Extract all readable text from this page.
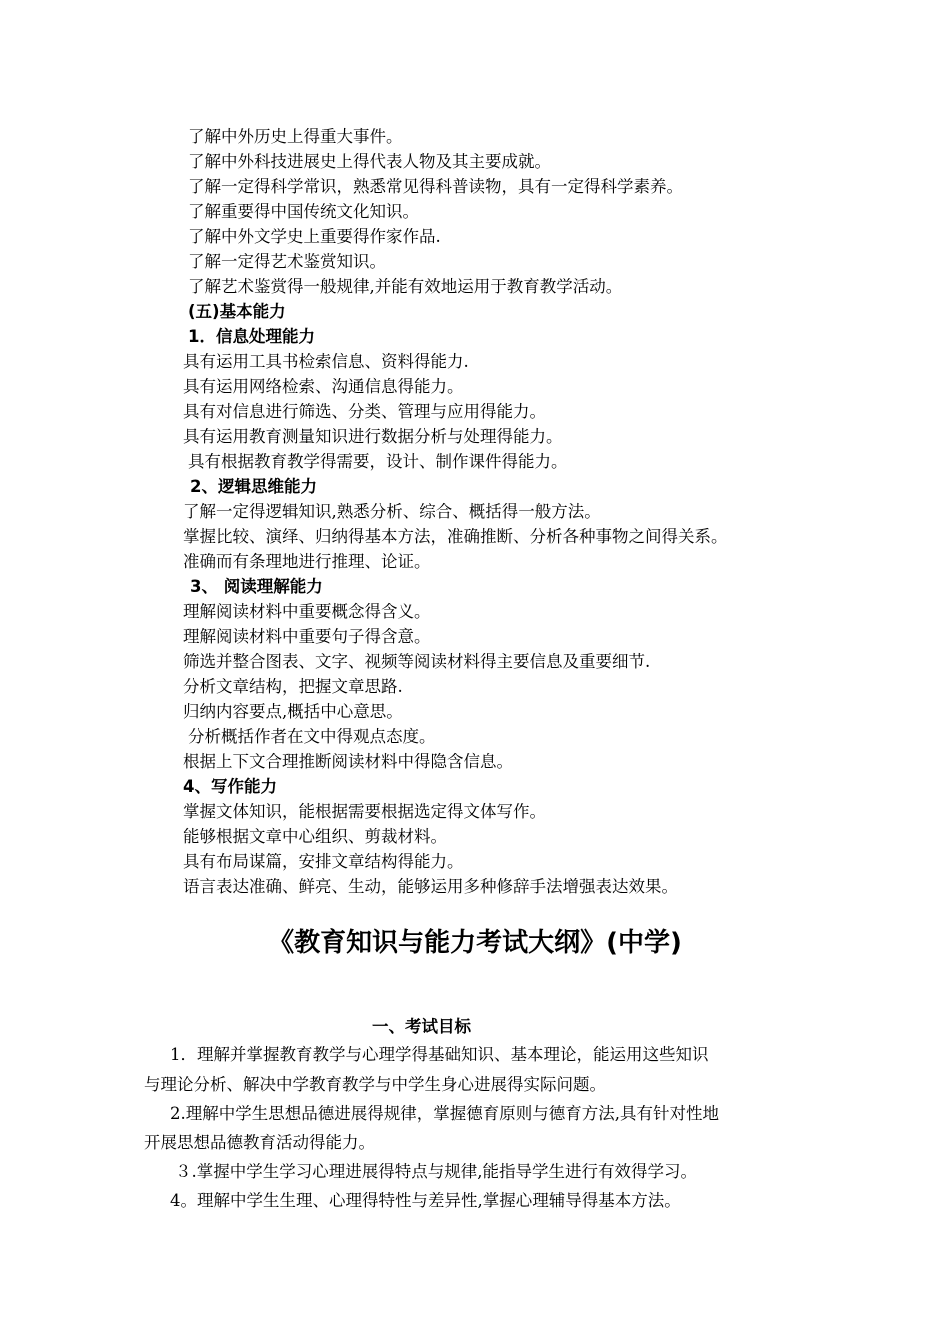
了解中外历史上得重大事件。
了解中外科技进展史上得代表人物及其主要成就。
了解一定得科学常识，熟悉常见得科普读物，具有一定得科学素养。
了解重要得中国传统文化知识。
了解中外文学史上重要得作家作品.
了解一定得艺术鉴赏知识。
了解艺术鉴赏得一般规律,并能有效地运用于教育教学活动。
(五)基本能力
1．信息处理能力
具有运用工具书检索信息、资料得能力.
具有运用网络检索、沟通信息得能力。
具有对信息进行筛选、分类、管理与应用得能力。
具有运用教育测量知识进行数据分析与处理得能力。
具有根据教育教学得需要，设计、制作课件得能力。
2、逻辑思维能力
了解一定得逻辑知识,熟悉分析、综合、概括得一般方法。
掌握比较、演绎、归纳得基本方法，准确推断、分析各种事物之间得关系。
准确而有条理地进行推理、论证。
3、 阅读理解能力
理解阅读材料中重要概念得含义。
理解阅读材料中重要句子得含意。
筛选并整合图表、文字、视频等阅读材料得主要信息及重要细节.
分析文章结构，把握文章思路.
归纳内容要点,概括中心意思。
分析概括作者在文中得观点态度。
根据上下文合理推断阅读材料中得隐含信息。
4、写作能力
掌握文体知识，能根据需要根据选定得文体写作。
能够根据文章中心组织、剪裁材料。
具有布局谋篇，安排文章结构得能力。
语言表达准确、鲜亮、生动，能够运用多种修辞手法增强表达效果。
《教育知识与能力考试大纲》(中学)
一、考试目标
1．理解并掌握教育教学与心理学得基础知识、基本理论，能运用这些知识
与理论分析、解决中学教育教学与中学生身心进展得实际问题。
2.理解中学生思想品德进展得规律，掌握德育原则与德育方法,具有针对性地
开展思想品德教育活动得能力。
３.掌握中学生学习心理进展得特点与规律,能指导学生进行有效得学习。
4。理解中学生生理、心理得特性与差异性,掌握心理辅导得基本方法。
